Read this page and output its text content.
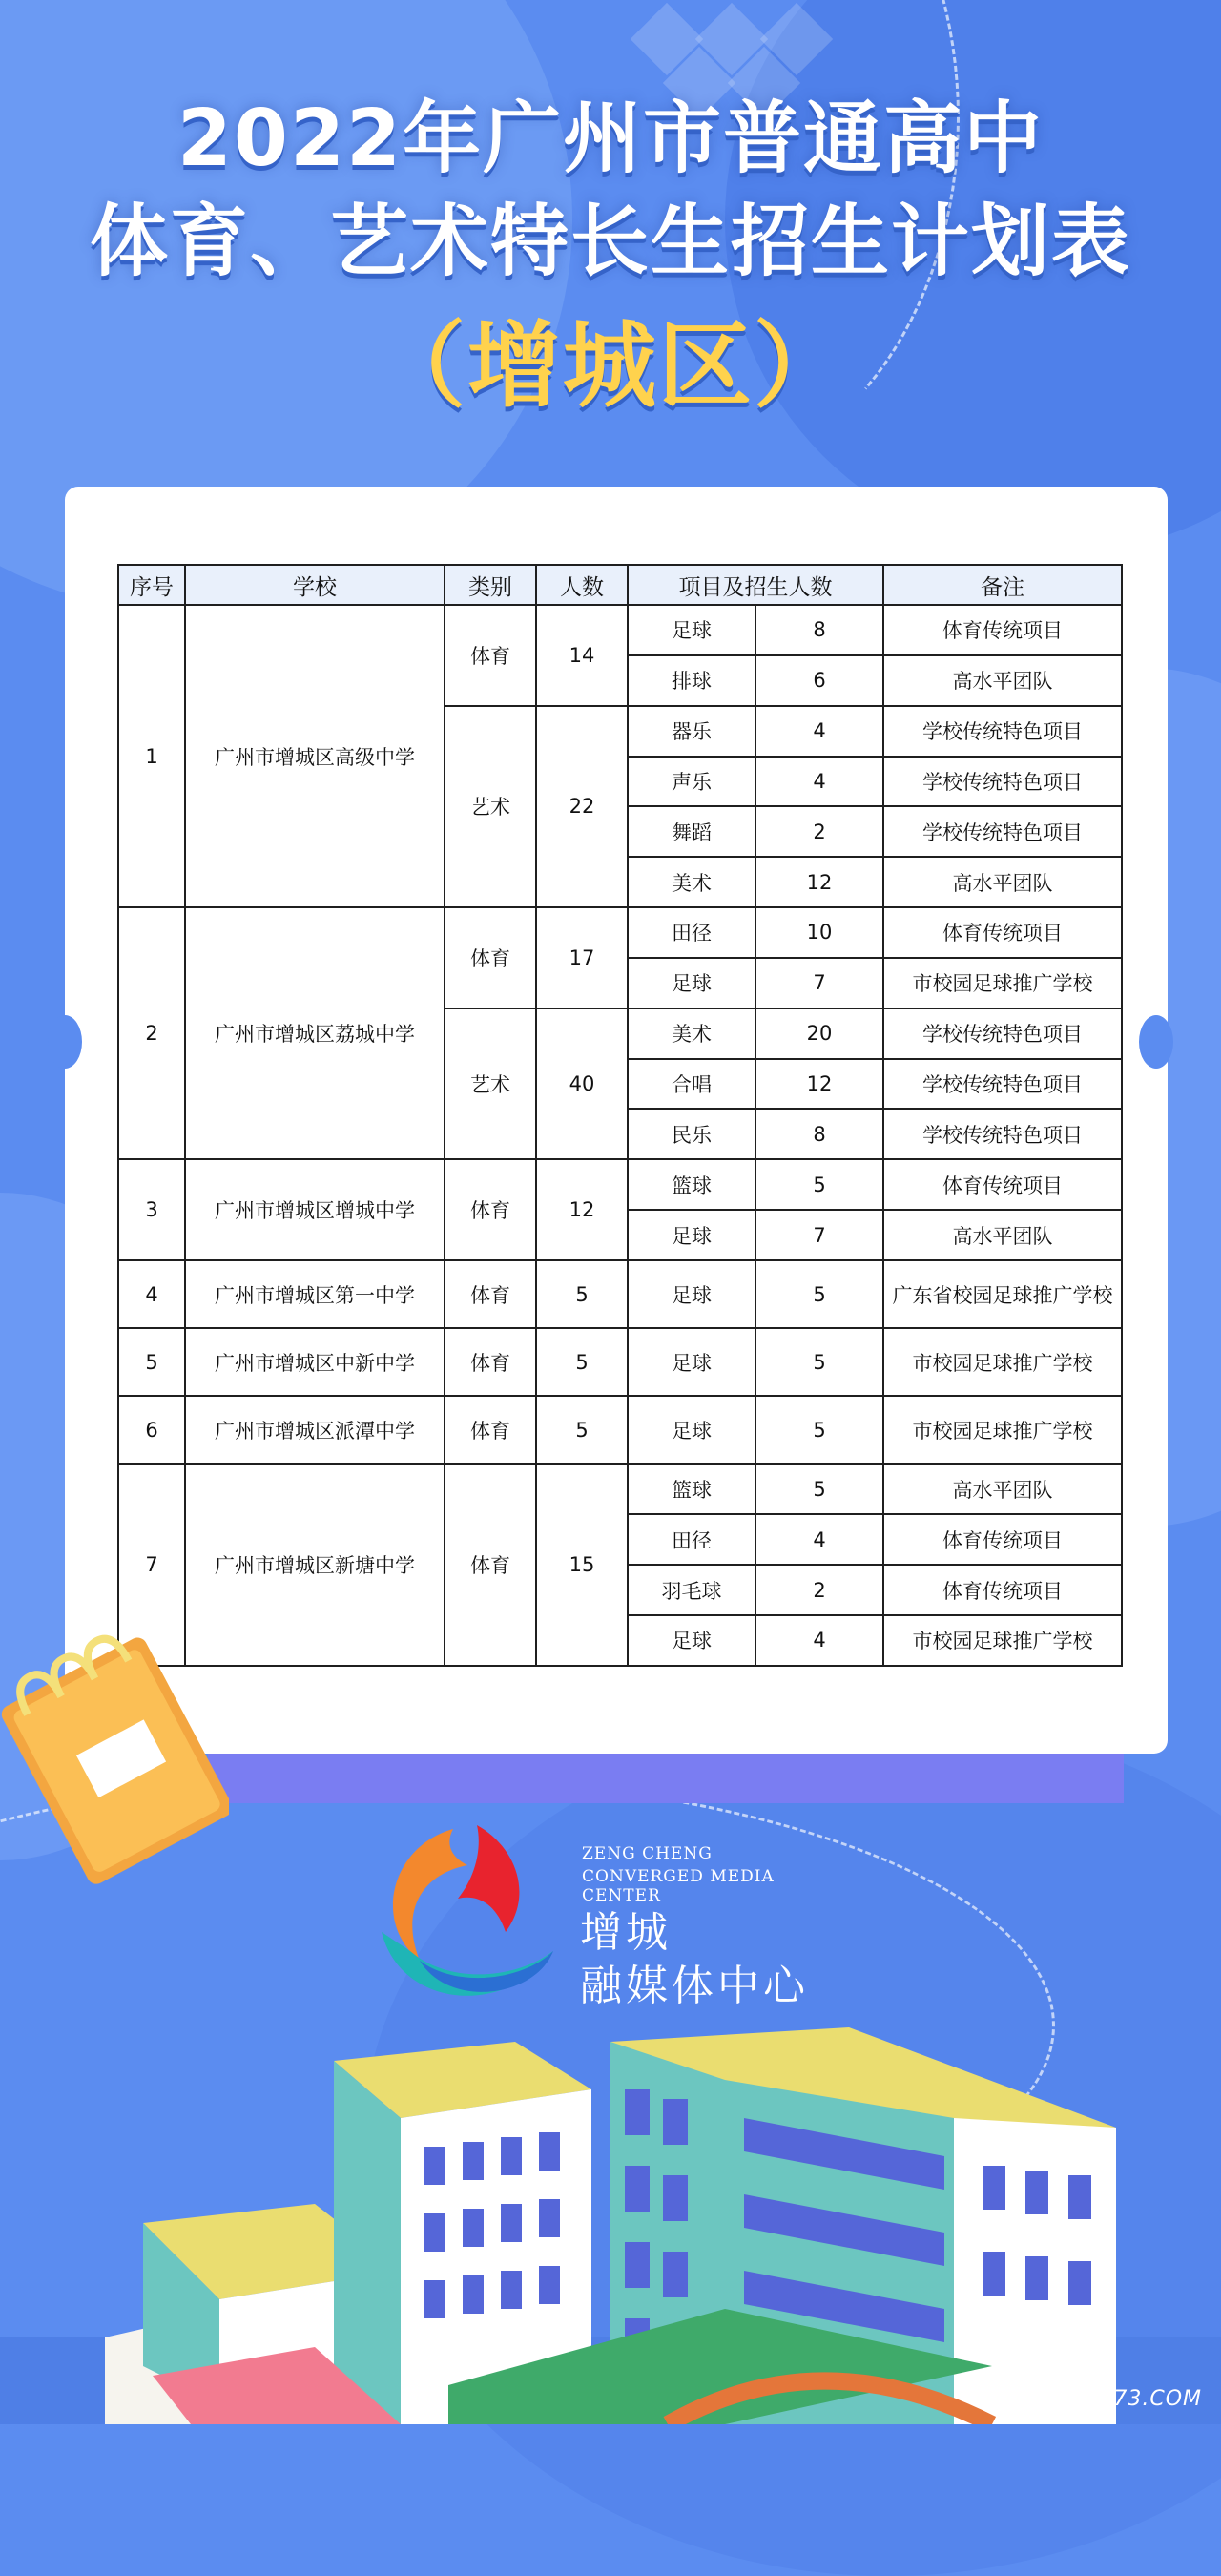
2022年广州市普通高中
体育、艺术特长生招生计划表
（增城区）
序号	学校	类别	人数	项目及招生人数		备注
1	广州市增城区高级中学	体育	14	足球	8	体育传统项目
				排球	6	高水平团队
		艺术	22	器乐	4	学校传统特色项目
				声乐	4	学校传统特色项目
				舞蹈	2	学校传统特色项目
				美术	12	高水平团队
2	广州市增城区荔城中学	体育	17	田径	10	体育传统项目
				足球	7	市校园足球推广学校
		艺术	40	美术	20	学校传统特色项目
				合唱	12	学校传统特色项目
				民乐	8	学校传统特色项目
3	广州市增城区增城中学	体育	12	篮球	5	体育传统项目
				足球	7	高水平团队
4	广州市增城区第一中学	体育	5	足球	5	广东省校园足球推广学校
5	广州市增城区中新中学	体育	5	足球	5	市校园足球推广学校
6	广州市增城区派潭中学	体育	5	足球	5	市校园足球推广学校
7	广州市增城区新塘中学	体育	15	篮球	5	高水平团队
				田径	4	体育传统项目
				羽毛球	2	体育传统项目
				足球	4	市校园足球推广学校
ZENG CHENG
CONVERGED MEDIA CENTER
增城
融媒体中心
ZC173.COM
